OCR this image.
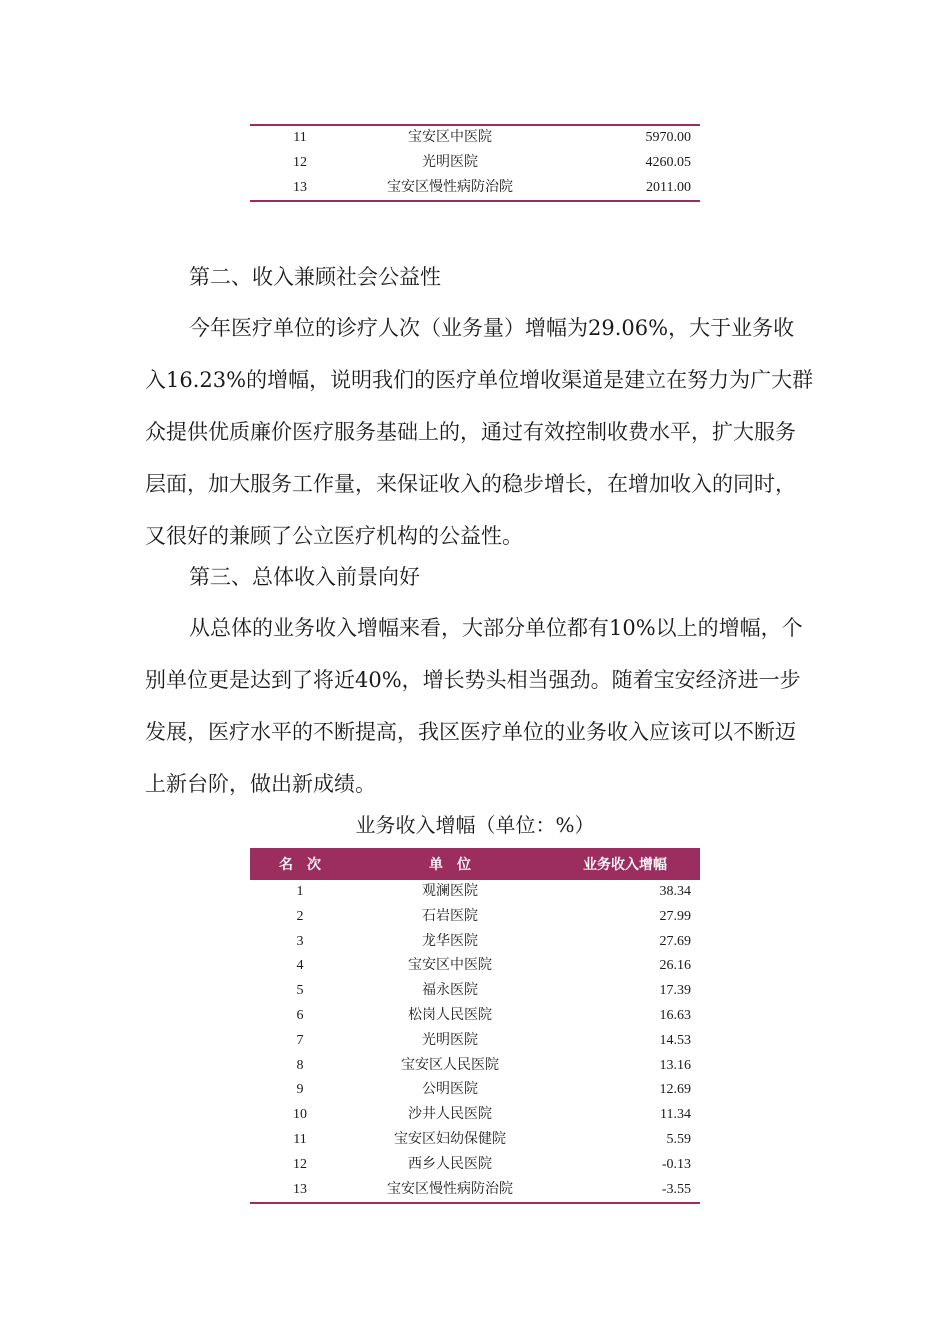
11	宝安区中医院	5970.00
12	光明医院	4260.05
13	宝安区慢性病防治院	2011.00

第二、收入兼顾社会公益性

今年医疗单位的诊疗人次（业务量）增幅为29.06%，大于业务收入16.23%的增幅，说明我们的医疗单位增收渠道是建立在努力为广大群众提供优质廉价医疗服务基础上的，通过有效控制收费水平，扩大服务层面，加大服务工作量，来保证收入的稳步增长，在增加收入的同时，又很好的兼顾了公立医疗机构的公益性。

第三、总体收入前景向好

从总体的业务收入增幅来看，大部分单位都有10%以上的增幅，个别单位更是达到了将近40%，增长势头相当强劲。随着宝安经济进一步发展，医疗水平的不断提高，我区医疗单位的业务收入应该可以不断迈上新台阶，做出新成绩。

业务收入增幅（单位：%）

名　次	单　位	业务收入增幅
1	观澜医院	38.34
2	石岩医院	27.99
3	龙华医院	27.69
4	宝安区中医院	26.16
5	福永医院	17.39
6	松岗人民医院	16.63
7	光明医院	14.53
8	宝安区人民医院	13.16
9	公明医院	12.69
10	沙井人民医院	11.34
11	宝安区妇幼保健院	5.59
12	西乡人民医院	-0.13
13	宝安区慢性病防治院	-3.55
